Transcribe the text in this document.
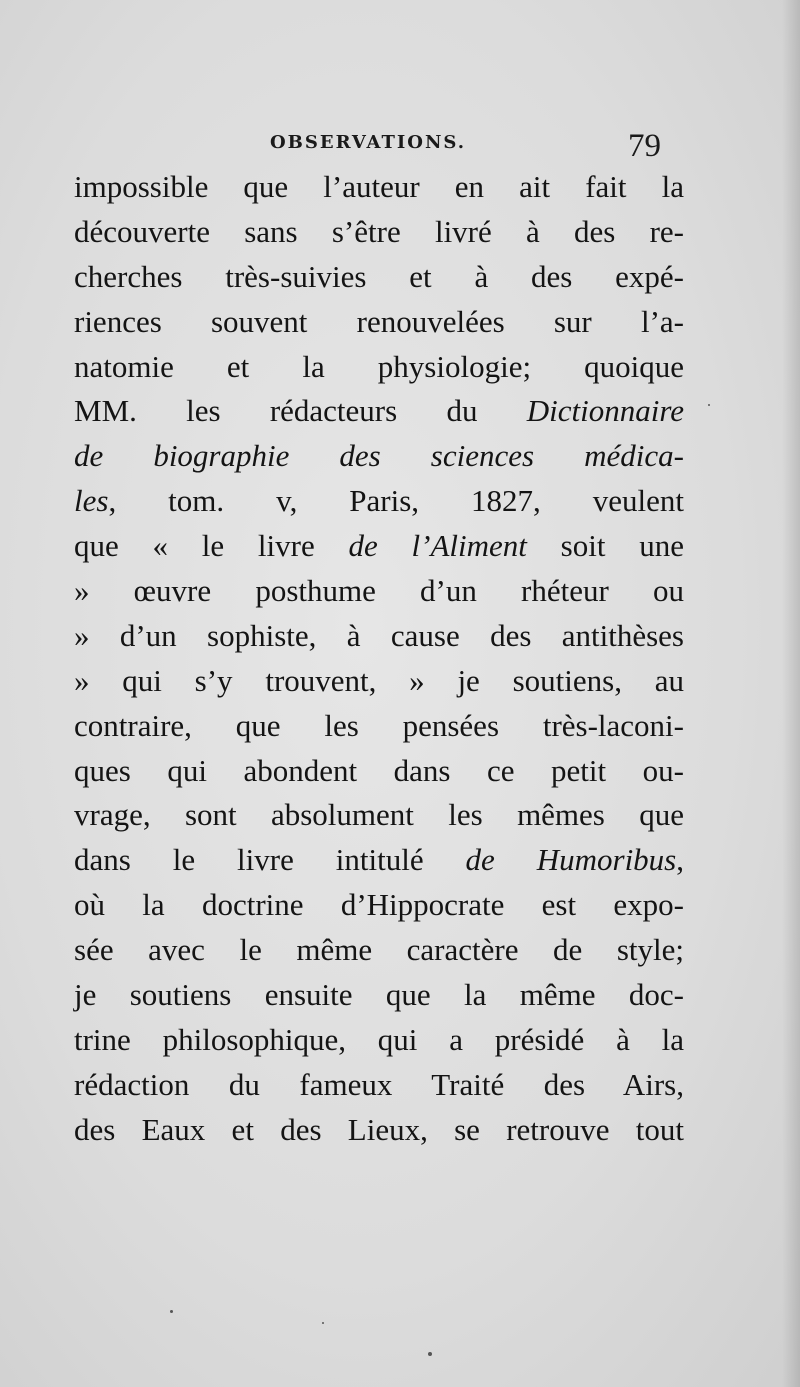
OBSERVATIONS.	79
impossible que l’auteur en ait fait la
découverte sans s’être livré à des re-
cherches très-suivies et à des expé-
riences souvent renouvelées sur l’a-
natomie et la physiologie; quoique
MM. les rédacteurs du Dictionnaire
de biographie des sciences médica-
les, tom. v, Paris, 1827, veulent
que « le livre de l’Aliment soit une
» œuvre posthume d’un rhéteur ou
» d’un sophiste, à cause des antithèses
» qui s’y trouvent, » je soutiens, au
contraire, que les pensées très-laconi-
ques qui abondent dans ce petit ou-
vrage, sont absolument les mêmes que
dans le livre intitulé de Humoribus,
où la doctrine d’Hippocrate est expo-
sée avec le même caractère de style;
je soutiens ensuite que la même doc-
trine philosophique, qui a présidé à la
rédaction du fameux Traité des Airs,
des Eaux et des Lieux, se retrouve tout
